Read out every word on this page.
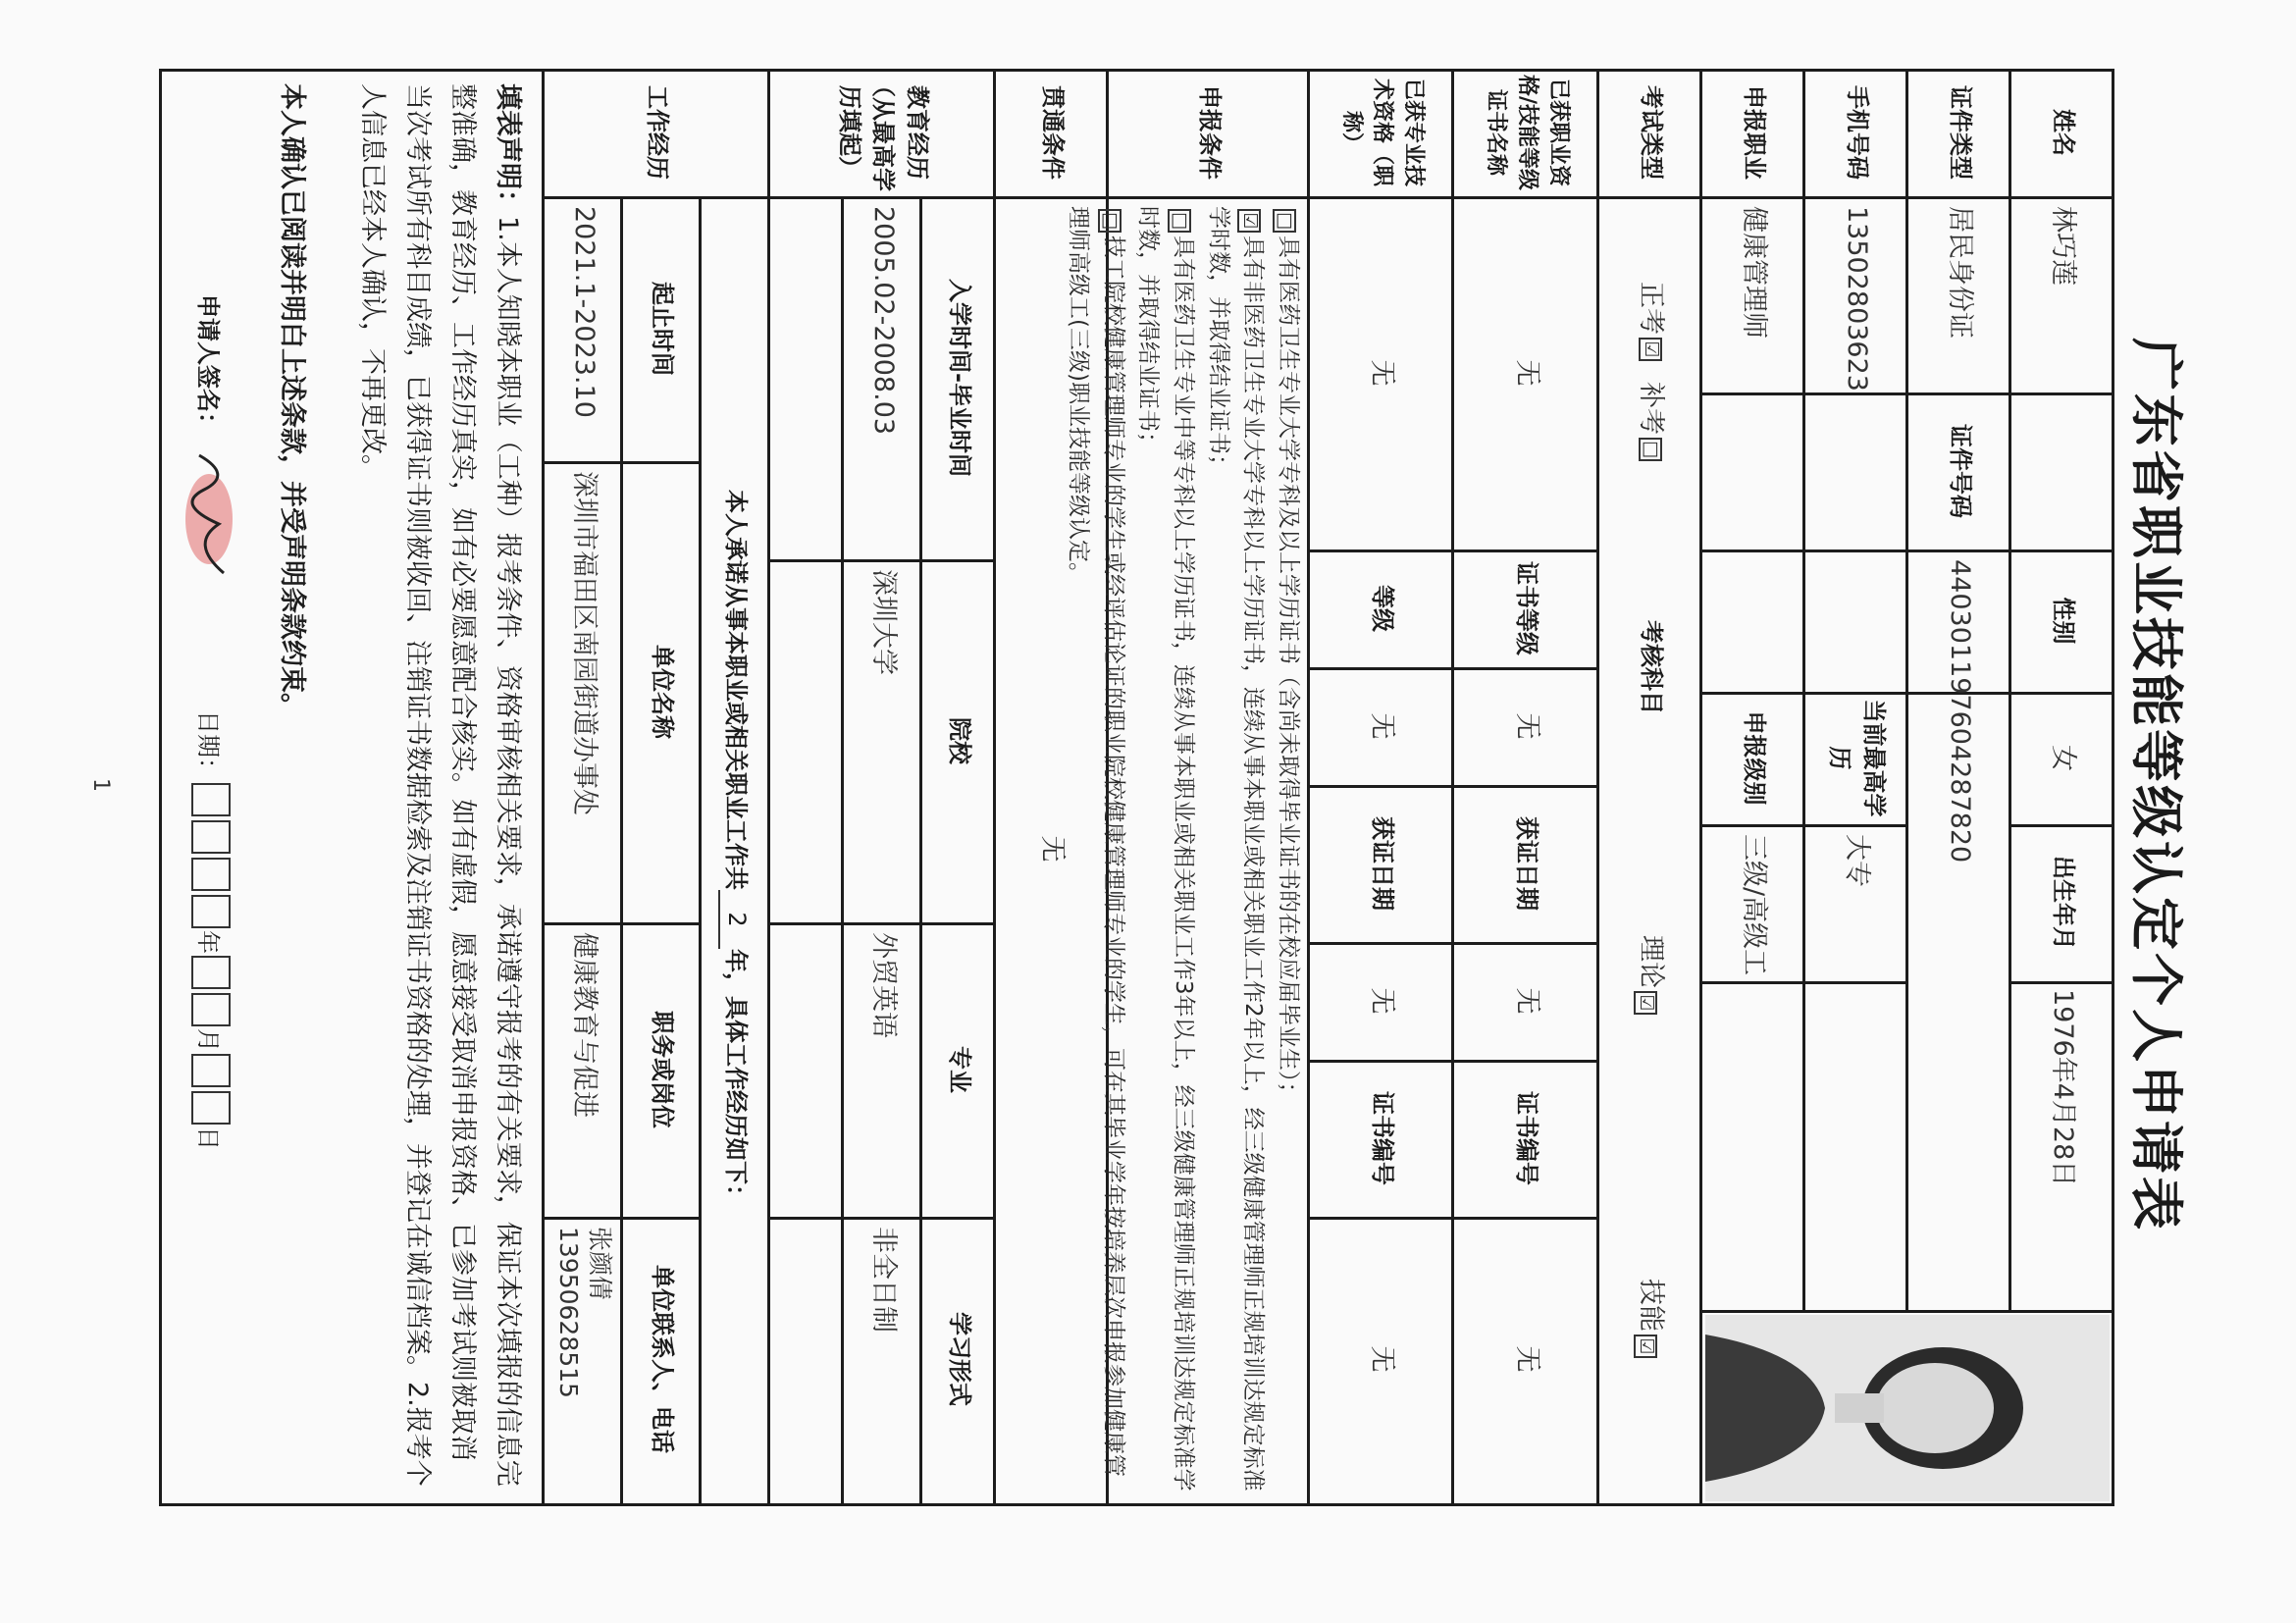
广东省职业技能等级认定个人申请表
姓名
林巧莲
性别
女
出生年月
1976年4月28日
证件类型
居民身份证
证件号码
440301197604287820
手机号码
13502803623
当前最高学历
大专
申报职业
健康管理师
申报级别
三级/高级工
考试类型
正考
☑
补考
□
考核科目
理论☑
技能☑
已获职业资格/技能等级证书名称
无
证书等级
无
获证日期
无
证书编号
无
已获专业技术资格（职称）
无
等级
无
获证日期
无
证书编号
无
申报条件
□具有医药卫生专业大学专科及以上学历证书（含尚未取得毕业证书的在校应届毕业生）；
☑具有非医药卫生专业大学专科以上学历证书，连续从事本职业或相关职业工作2年以上，经三级健康管理师正规培训达规定标准学时数，并取得结业证书；
□具有医药卫生专业中等专科以上学历证书，连续从事本职业或相关职业工作3年以上，经三级健康管理师正规培训达规定标准学时数，并取得结业证书；
□技工院校健康管理师专业的学生或经评估论证的职业院校健康管理师专业的学生，可在其毕业学年按培养层次申报参加健康管理师高级工(三级)职业技能等级认定。
贯通条件
无
教育经历（从最高学历填起）
入学时间-毕业时间
院校
专业
学习形式
2005.02-2008.03
深圳大学
外贸英语
非全日制
工作经历
本人承诺从事本职业或相关职业工作共
2
年，具体工作经历如下：
起止时间
单位名称
职务或岗位
单位联系人、电话
2021.1-2023.10
深圳市福田区南园街道办事处
健康教育与促进
张颜倩
13950628515
填表声明：1.本人知晓本职业（工种）报考条件、资格审核相关要求，承诺遵守报考的有关要求，保证本次填报的信息完整准确，教育经历、工作经历真实，如有必要愿意配合核实。如有虚假，愿意接受取消申报资格、已参加考试则被取消当次考试所有科目成绩，已获得证书则被收回、注销证书数据检索及注销证书资格的处理，并登记在诚信档案。2.报考个人信息已经本人确认，不再更改。
本人确认已阅读并明白上述条款，并受声明条款约束。
申请人签名：
日期：
年
月
日
1
